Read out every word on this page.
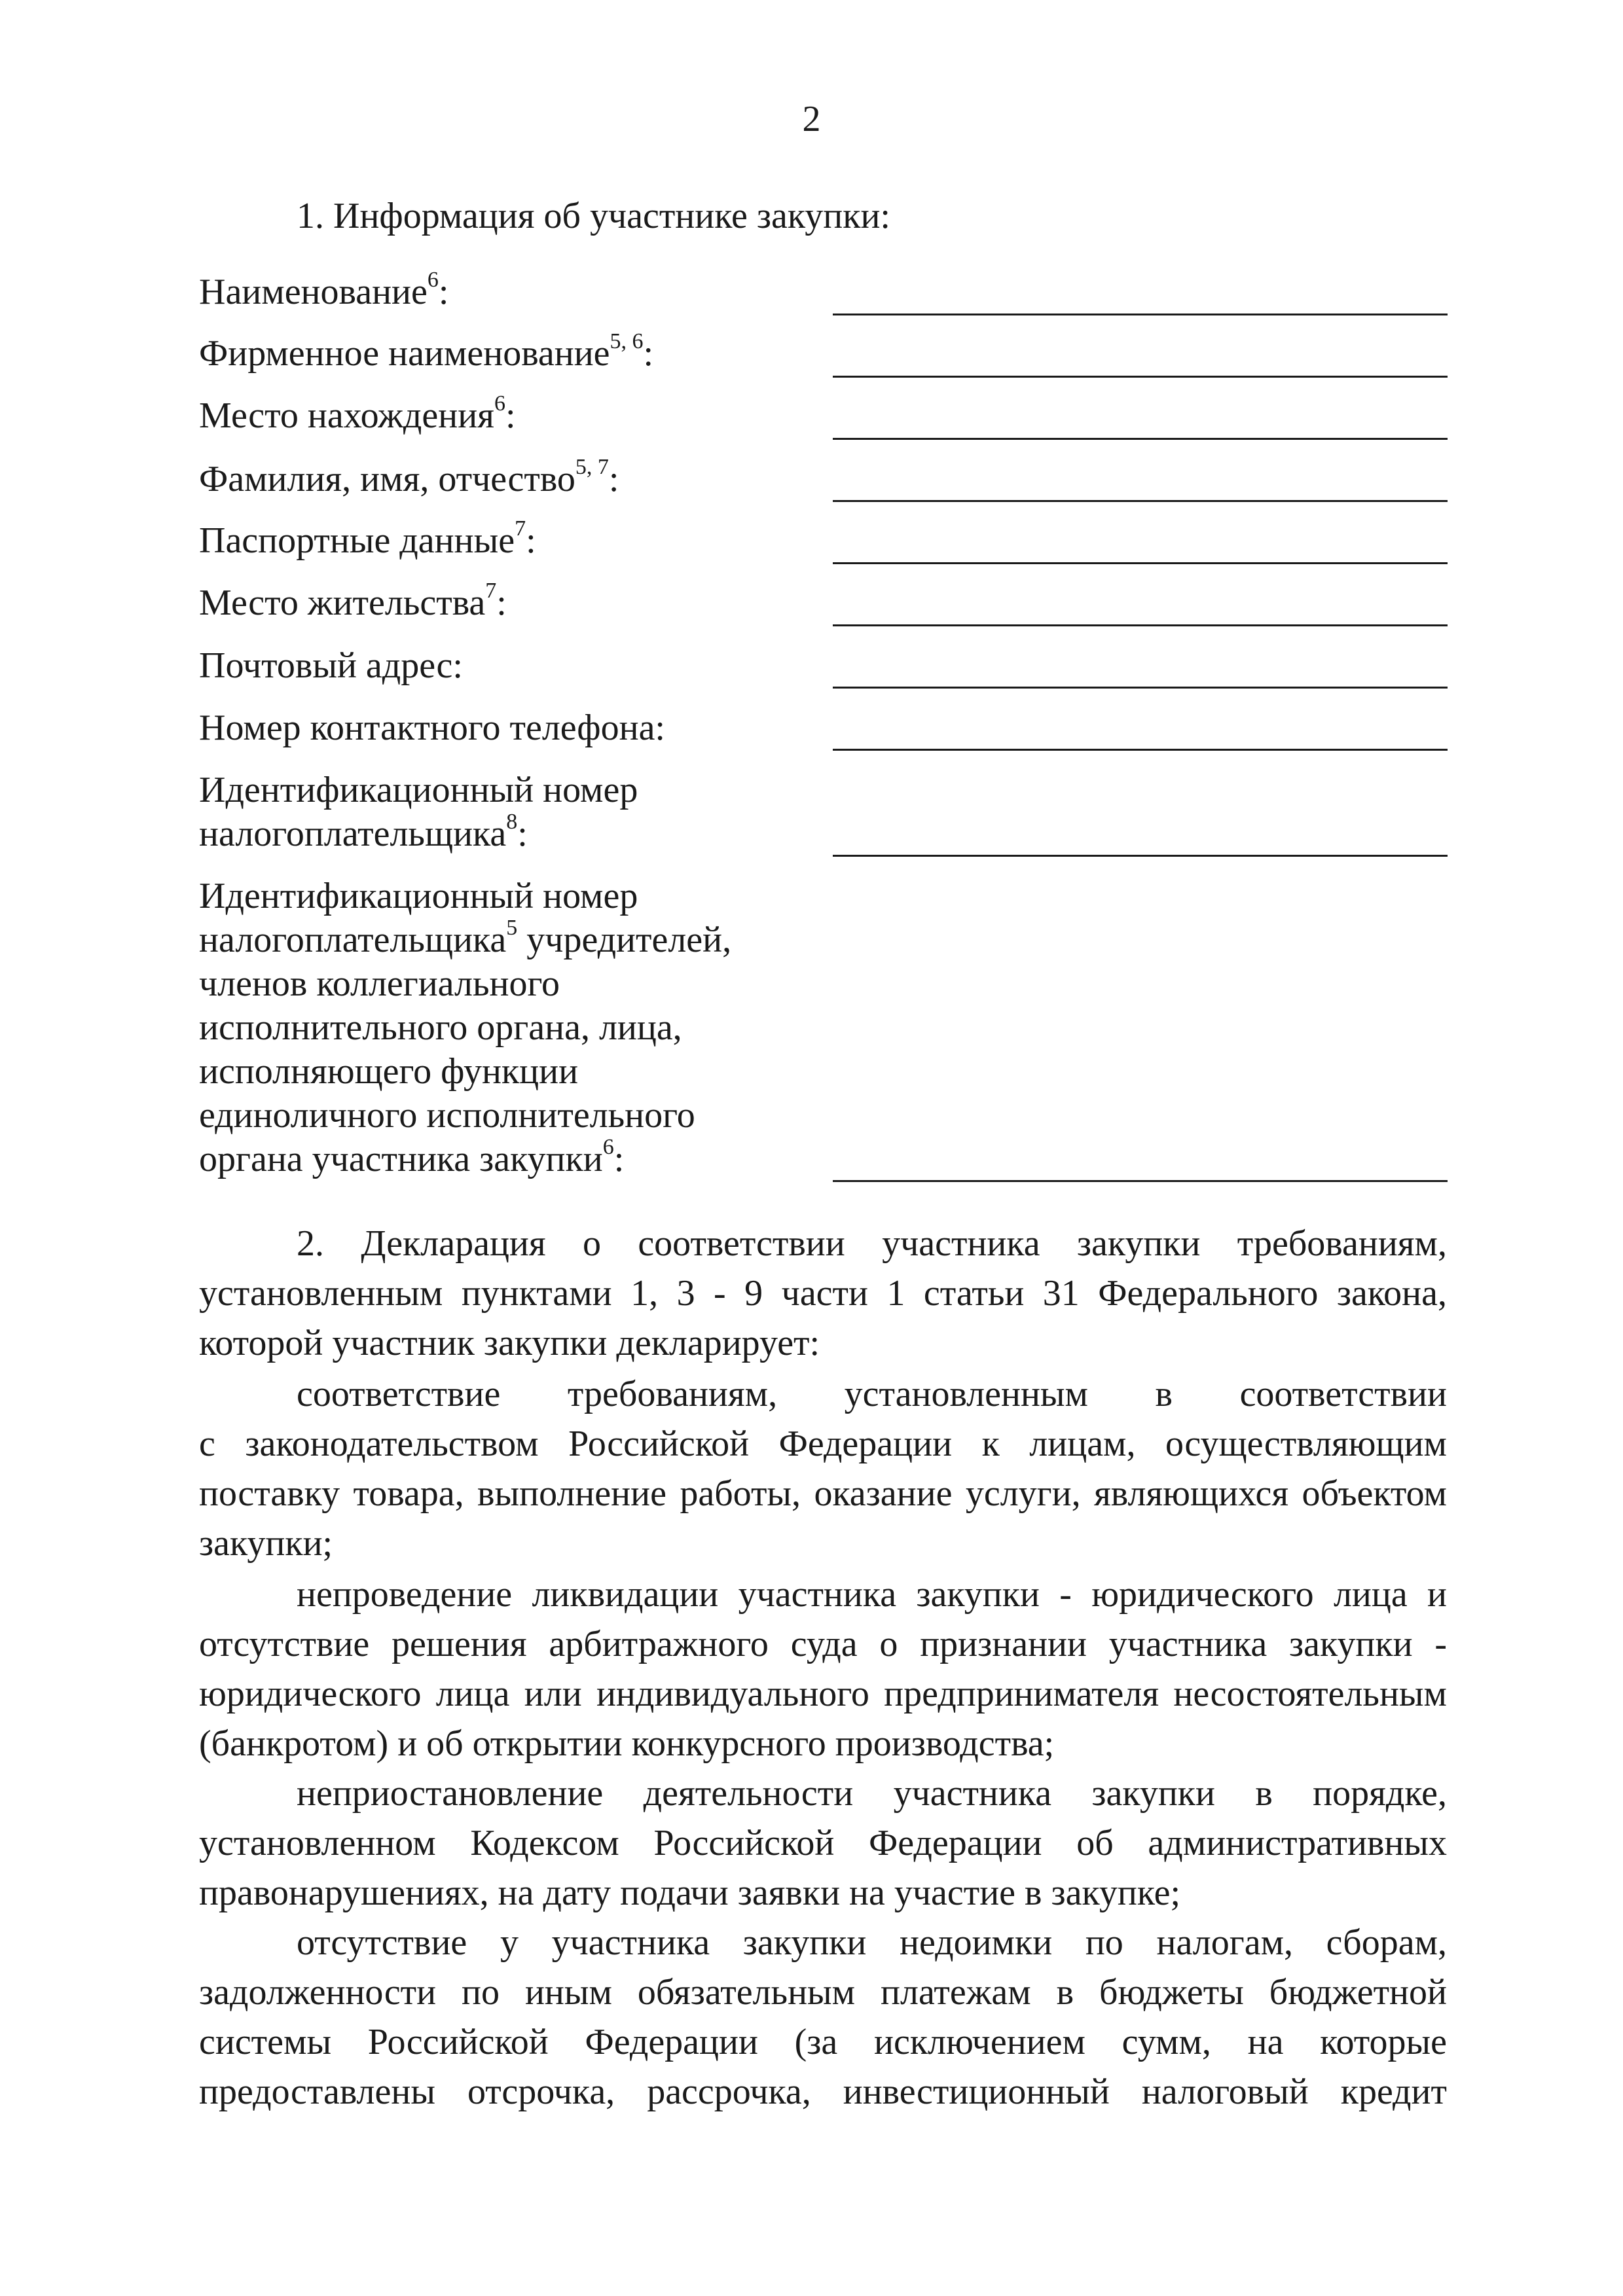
2
1. Информация об участнике закупки:
Наименование$^6$:
Фирменное наименование$^{5, 6}$:
Место нахождения$^6$:
Фамилия, имя, отчество$^{5, 7}$:
Паспортные данные$^7$:
Место жительства$^7$:
Почтовый адрес:
Номер контактного телефона:
Идентификационный номер
налогоплательщика$^8$:
Идентификационный номер
налогоплательщика$^5$ учредителей,
членов коллегиального
исполнительного органа, лица,
исполняющего функции
единоличного исполнительного
органа участника закупки$^6$:
2. Декларация о соответствии участника закупки требованиям, установленным пунктами 1, 3 - 9 части 1 статьи 31 Федерального закона, которой участник закупки декларирует:
соответствие требованиям, установленным в соответствии
с законодательством Российской Федерации к лицам, осуществляющим поставку товара, выполнение работы, оказание услуги, являющихся объектом закупки;
непроведение ликвидации участника закупки - юридического лица и отсутствие решения арбитражного суда о признании участника закупки - юридического лица или индивидуального предпринимателя несостоятельным (банкротом) и об открытии конкурсного производства;
неприостановление деятельности участника закупки в порядке, установленном Кодексом Российской Федерации об административных правонарушениях, на дату подачи заявки на участие в закупке;
отсутствие у участника закупки недоимки по налогам, сборам, задолженности по иным обязательным платежам в бюджеты бюджетной системы Российской Федерации (за исключением сумм, на которые предоставлены отсрочка, рассрочка, инвестиционный налоговый кредит
